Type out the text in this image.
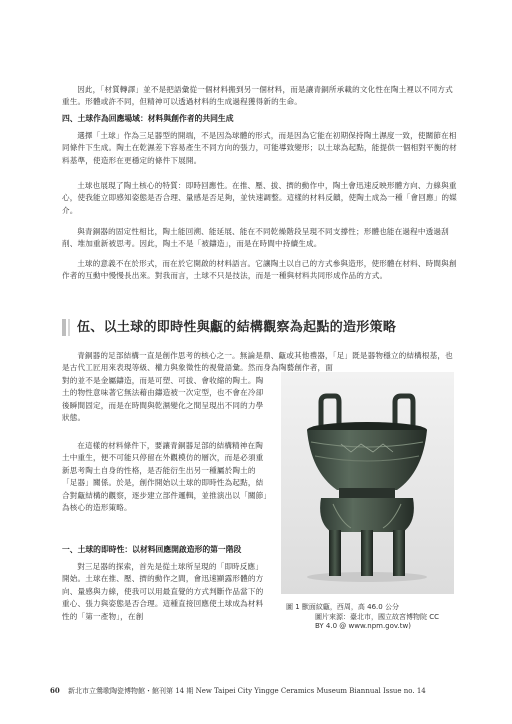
因此，「材質轉譯」並不是把語彙從一個材料搬到另一個材料，而是讓青銅所承載的文化性在陶土裡以不同方式重生。形體或許不同，但精神可以透過材料的生成過程獲得新的生命。

四、土球作為回應場域：材料與創作者的共同生成

選擇「土球」作為三足器型的開端，不是因為球體的形式，而是因為它能在初期保持陶土濕度一致，使關節在相同條件下生成。陶土在乾濕差下容易產生不同方向的張力，可能導致變形；以土球為起點，能提供一個相對平衡的材料基準，使造形在更穩定的條件下展開。

土球也展現了陶土核心的特質：即時回應性。在推、壓、拔、擠的動作中，陶土會迅速反映形體方向、力線與重心，使我能立即感知姿態是否合理、量感是否足夠，並快速調整。這樣的材料反饋，使陶土成為一種「會回應」的媒介。

與青銅器的固定性相比，陶土能回溯、能延展、能在不同乾燥階段呈現不同支撐性；形體也能在過程中透過刮削、堆加重新被思考。因此，陶土不是「被鑄造」，而是在時間中持續生成。

土球的意義不在於形式，而在於它開啟的材料語言。它讓陶土以自己的方式參與造形，使形體在材料、時間與創作者的互動中慢慢長出來。對我而言，土球不只是技法，而是一種與材料共同形成作品的方式。

伍、以土球的即時性與甗的結構觀察為起點的造形策略

青銅器的足部結構一直是創作思考的核心之一。無論是鼎、甗或其他禮器，「足」既是器物穩立的結構根基，也是古代工匠用來表現等級、權力與象徵性的視覺語彙。然而身為陶藝創作者，面

對的並不是金屬鑄造，而是可塑、可拔、會收縮的陶土。陶土的物性意味著它無法藉由鑄造被一次定型，也不會在冷卻後瞬間固定，而是在時間與乾濕變化之間呈現出不同的力學狀態。

在這樣的材料條件下，要讓青銅器足部的結構精神在陶土中重生，便不可能只停留在外觀模仿的層次，而是必須重新思考陶土自身的性格，是否能衍生出另一種屬於陶土的「足器」關係。於是，創作開始以土球的即時性為起點，結合對甗結構的觀察，逐步建立部件邏輯，並推演出以「關節」為核心的造形策略。

一、土球的即時性：以材料回應開啟造形的第一階段

對三足器的探索，首先是從土球所呈現的「即時反應」開始。土球在推、壓、擠的動作之間，會迅速顯露形體的方向、量感與力線，使我可以用最直覺的方式判斷作品當下的重心、張力與姿態是否合理。這種直接回應使土球成為材料性的「第一產物」，在創

圖 1 獸面紋甗，西周，高 46.0 公分

圖片來源：臺北市，國立故宮博物院 CC

BY 4.0 @ www.npm.gov.tw)

60 新北市立鶯歌陶瓷博物館・館刊第 14 期 New Taipei City Yingge Ceramics Museum Biannual Issue no. 14
